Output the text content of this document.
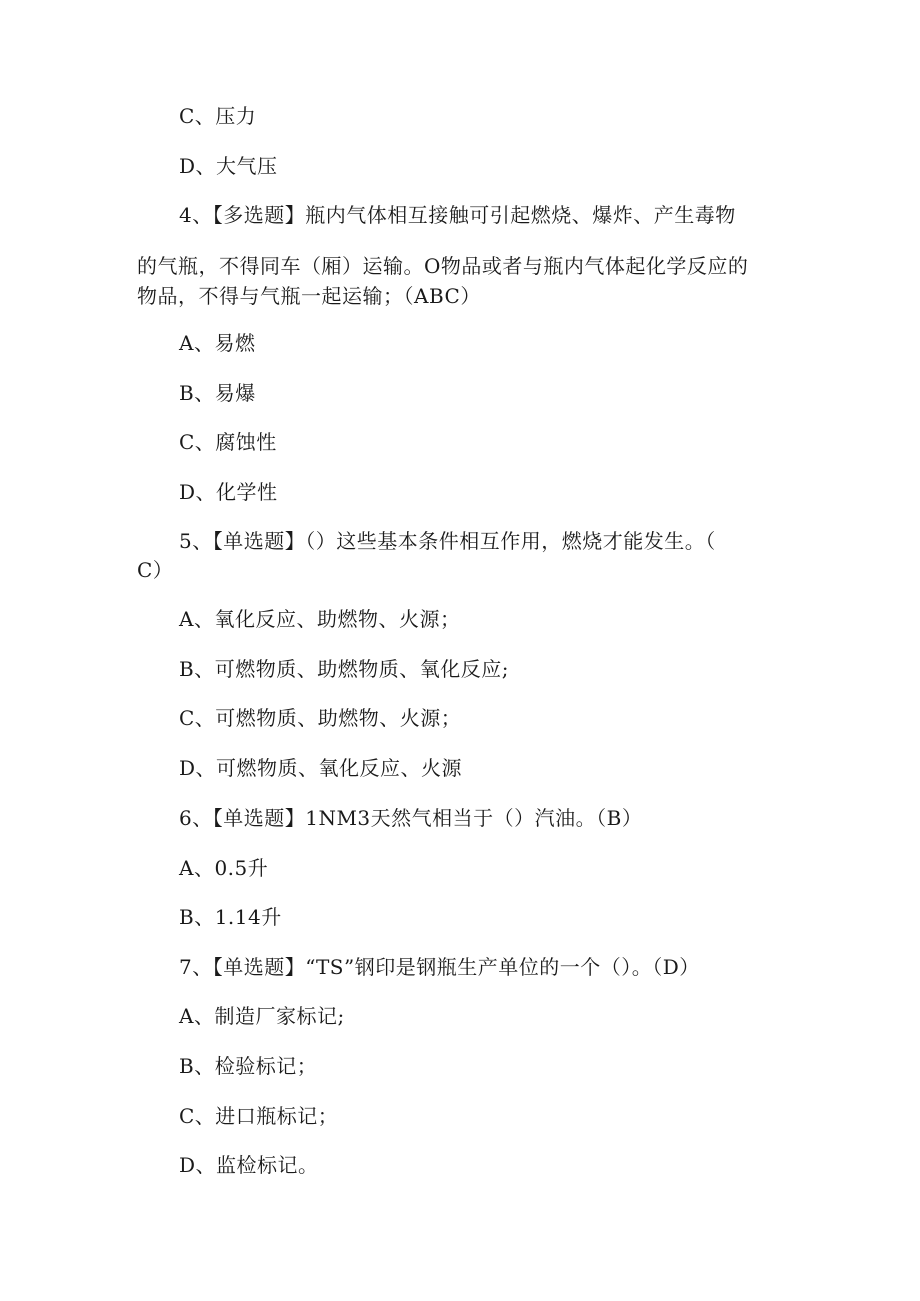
C、压力
D、大气压
4、【多选题】瓶内气体相互接触可引起燃烧、爆炸、产生毒物
的气瓶，不得同车（厢）运输。O物品或者与瓶内气体起化学反应的
物品，不得与气瓶一起运输；（ABC）
A、易燃
B、易爆
C、腐蚀性
D、化学性
5、【单选题】（）这些基本条件相互作用，燃烧才能发生。（
C）
A、氧化反应、助燃物、火源；
B、可燃物质、助燃物质、氧化反应;
C、可燃物质、助燃物、火源；
D、可燃物质、氧化反应、火源
6、【单选题】1NM3天然气相当于（）汽油。（B）
A、0.5升
B、1.14升
7、【单选题】“TS”钢印是钢瓶生产单位的一个（）。（D）
A、制造厂家标记;
B、检验标记；
C、进口瓶标记；
D、监检标记。
